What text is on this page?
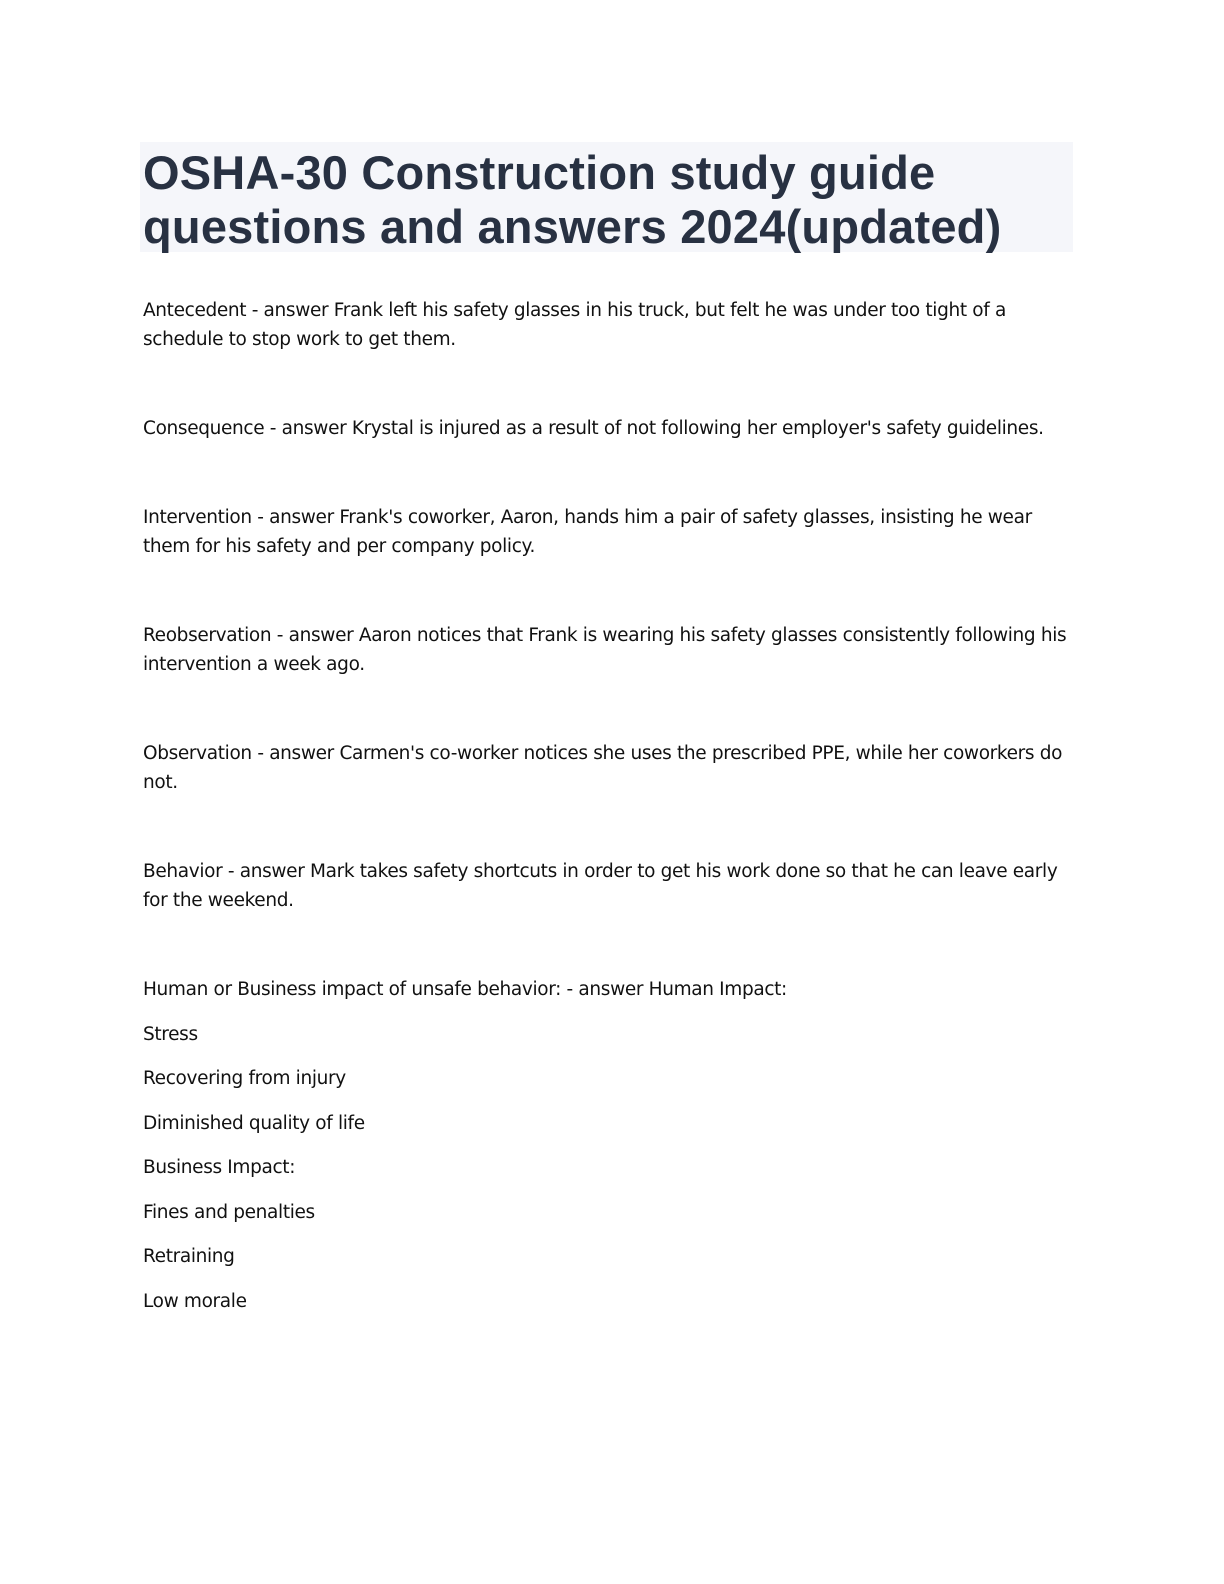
OSHA-30 Construction study guide questions and answers 2024(updated)

Antecedent - answer Frank left his safety glasses in his truck, but felt he was under too tight of a schedule to stop work to get them.

Consequence - answer Krystal is injured as a result of not following her employer's safety guidelines.

Intervention - answer Frank's coworker, Aaron, hands him a pair of safety glasses, insisting he wear them for his safety and per company policy.

Reobservation - answer Aaron notices that Frank is wearing his safety glasses consistently following his intervention a week ago.

Observation - answer Carmen's co-worker notices she uses the prescribed PPE, while her coworkers do not.

Behavior - answer Mark takes safety shortcuts in order to get his work done so that he can leave early for the weekend.

Human or Business impact of unsafe behavior: - answer Human Impact:

Stress

Recovering from injury

Diminished quality of life

Business Impact:

Fines and penalties

Retraining

Low morale
